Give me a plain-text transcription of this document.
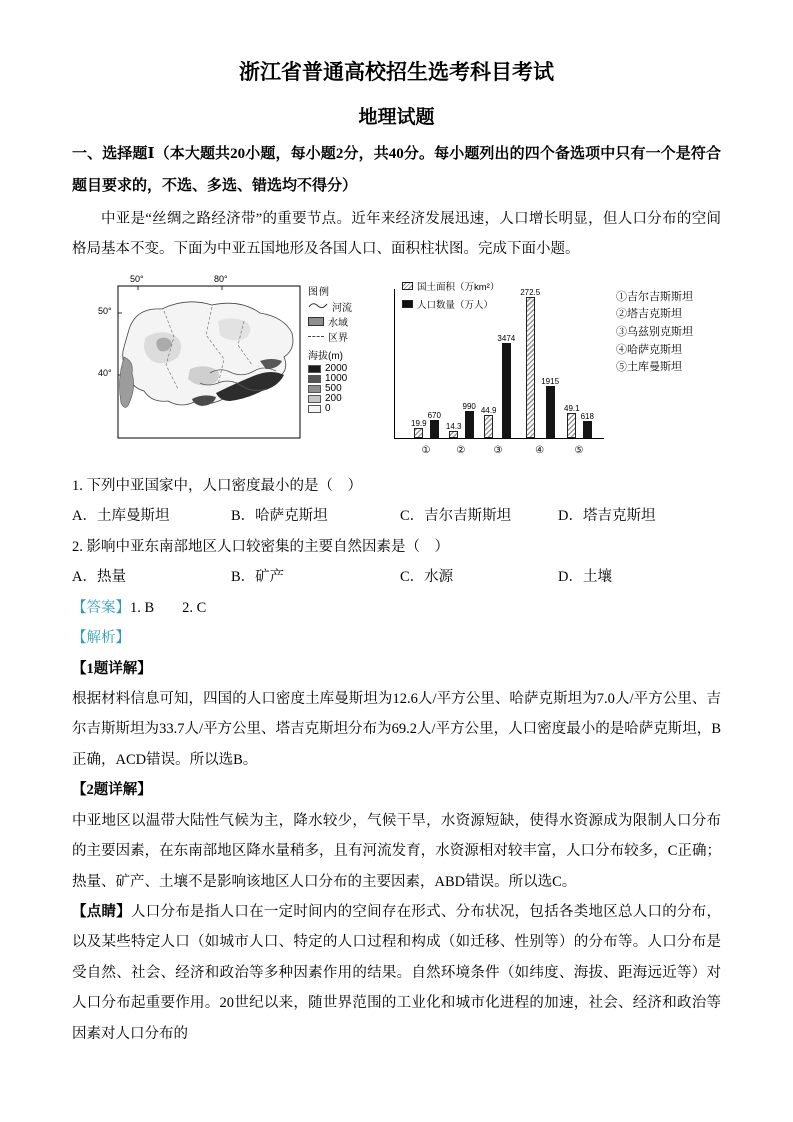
浙江省普通高校招生选考科目考试
地理试题

一、选择题Ⅰ（本大题共20小题，每小题2分，共40分。每小题列出的四个备选项中只有一个是符合题目要求的，不选、多选、错选均不得分）

中亚是“丝绸之路经济带”的重要节点。近年来经济发展迅速，人口增长明显，但人口分布的空间格局基本不变。下面为中亚五国地形及各国人口、面积柱状图。完成下面小题。

50°	80°
50°
40°
图例
河流
水域
区界
海拔(m)
2000
1000
500
200
0
国土面积（万km²）
人口数量（万人）
19.9
670
①
14.3
990
②
44.9
3474
③
272.5
1915
④
49.1
618
⑤
①吉尔吉斯斯坦
②塔吉克斯坦
③乌兹别克斯坦
④哈萨克斯坦
⑤土库曼斯坦

1. 下列中亚国家中，人口密度最小的是（　）

A．土库曼斯坦	B．哈萨克斯坦	C．吉尔吉斯斯坦	D．塔吉克斯坦

2. 影响中亚东南部地区人口较密集的主要自然因素是（　）

A．热量	B．矿产	C．水源	D．土壤

【答案】1. B 2. C

【解析】

【1题详解】

根据材料信息可知，四国的人口密度土库曼斯坦为12.6人/平方公里、哈萨克斯坦为7.0人/平方公里、吉尔吉斯斯坦为33.7人/平方公里、塔吉克斯坦分布为69.2人/平方公里，人口密度最小的是哈萨克斯坦，B正确，ACD错误。所以选B。

【2题详解】

中亚地区以温带大陆性气候为主，降水较少，气候干旱，水资源短缺，使得水资源成为限制人口分布的主要因素，在东南部地区降水量稍多，且有河流发育，水资源相对较丰富，人口分布较多，C正确；热量、矿产、土壤不是影响该地区人口分布的主要因素，ABD错误。所以选C。

【点睛】人口分布是指人口在一定时间内的空间存在形式、分布状况，包括各类地区总人口的分布，以及某些特定人口（如城市人口、特定的人口过程和构成（如迁移、性别等）的分布等。人口分布是受自然、社会、经济和政治等多种因素作用的结果。自然环境条件（如纬度、海拔、距海远近等）对人口分布起重要作用。20世纪以来，随世界范围的工业化和城市化进程的加速，社会、经济和政治等因素对人口分布的
